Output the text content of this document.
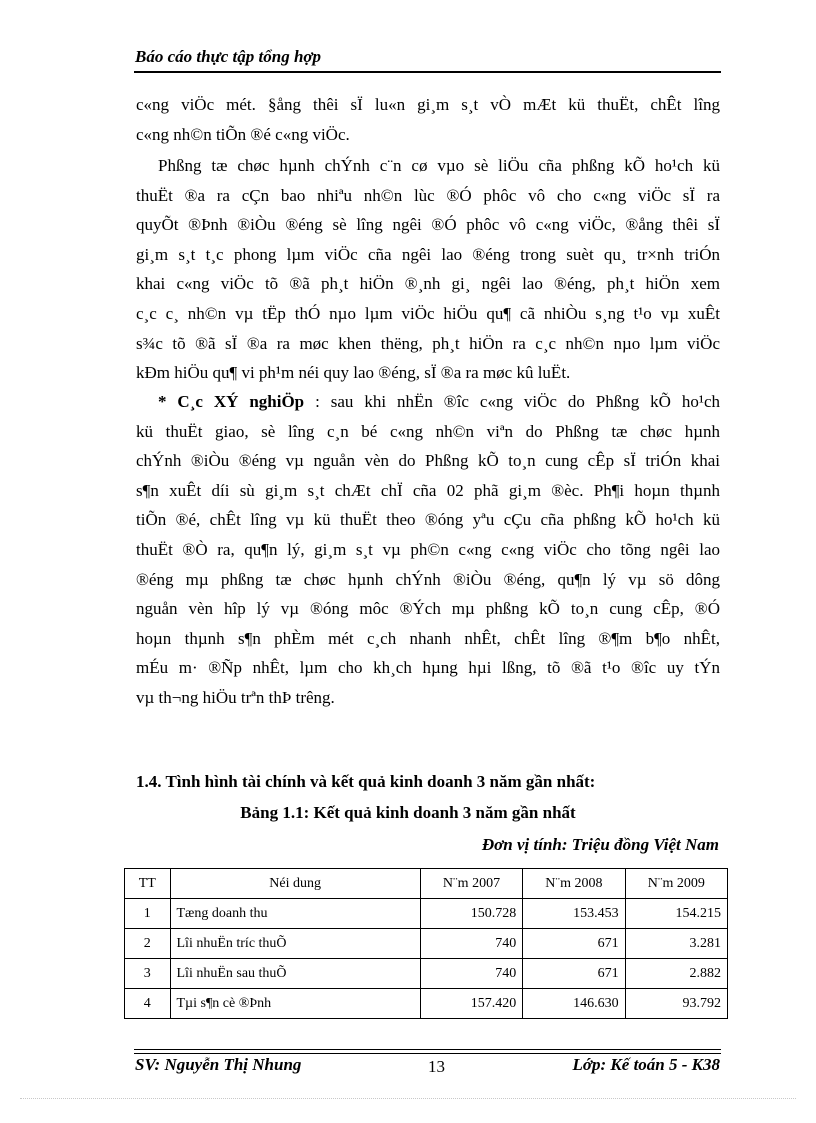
Báo cáo thực tập tổng hợp
c«ng viÖc mét. §ång thêi sÏ lu«n gi¸m s¸t vÒ mÆt kü thuËt, chÊt lîng
c«ng nh©n tiÕn ®é c«ng viÖc.
Phßng tæ chøc hµnh chÝnh c¨n cø vµo sè liÖu cña phßng kÕ ho¹ch kü
thuËt ®a ra cÇn bao nhiªu nh©n lùc ®Ó phôc vô cho c«ng viÖc sÏ ra
quyÕt ®Þnh ®iÒu ®éng sè lîng ngêi ®Ó phôc vô c«ng viÖc, ®ång thêi sÏ
gi¸m s¸t t¸c phong lµm viÖc cña ngêi lao ®éng trong suèt qu¸ tr×nh triÓn
khai c«ng viÖc tõ ®ã ph¸t hiÖn ®¸nh gi¸ ngêi lao ®éng, ph¸t hiÖn xem
c¸c c¸ nh©n vµ tËp thÓ nµo lµm viÖc hiÖu qu¶ cã nhiÒu s¸ng t¹o vµ xuÊt
s¾c tõ ®ã sÏ ®a ra møc khen thëng, ph¸t hiÖn ra c¸c nh©n nµo lµm viÖc
kÐm hiÖu qu¶ vi ph¹m néi quy lao ®éng, sÏ ®a ra møc kû luËt.
* C¸c XÝ nghiÖp : sau khi nhËn ®îc c«ng viÖc do Phßng kÕ ho¹ch
kü thuËt giao, sè lîng c¸n bé c«ng nh©n viªn do Phßng tæ chøc hµnh
chÝnh ®iÒu ®éng vµ nguån vèn do Phßng kÕ to¸n cung cÊp sÏ triÓn khai
s¶n xuÊt díi sù gi¸m s¸t chÆt chÏ cña 02 phã gi¸m ®èc. Ph¶i hoµn thµnh
tiÕn ®é, chÊt lîng vµ kü thuËt theo ®óng yªu cÇu cña phßng kÕ ho¹ch kü
thuËt ®Ò ra, qu¶n lý, gi¸m s¸t vµ ph©n c«ng c«ng viÖc cho tõng ngêi lao
®éng mµ phßng tæ chøc hµnh chÝnh ®iÒu ®éng, qu¶n lý vµ sö dông
nguån vèn hîp lý vµ ®óng môc ®Ých mµ phßng kÕ to¸n cung cÊp, ®Ó
hoµn thµnh s¶n phÈm mét c¸ch nhanh nhÊt, chÊt lîng ®¶m b¶o nhÊt,
mÉu m· ®Ñp nhÊt, lµm cho kh¸ch hµng hµi lßng, tõ ®ã t¹o ®îc uy tÝn
vµ th¬ng hiÖu trªn thÞ trêng.
1.4. Tình hình tài chính và kết quả kinh doanh 3 năm gần nhất:
Bảng 1.1: Kết quả kinh doanh 3 năm gần nhất
Đơn vị tính: Triệu đồng Việt Nam
TT	Néi dung	N¨m 2007	N¨m 2008	N¨m 2009
1	Tæng doanh thu	150.728	153.453	154.215
2	Lîi nhuËn tríc thuÕ	740	671	3.281
3	Lîi nhuËn sau thuÕ	740	671	2.882
4	Tµi s¶n cè ®Þnh	157.420	146.630	93.792
SV: Nguyễn Thị Nhung	13	Lớp: Kế toán 5 - K38
